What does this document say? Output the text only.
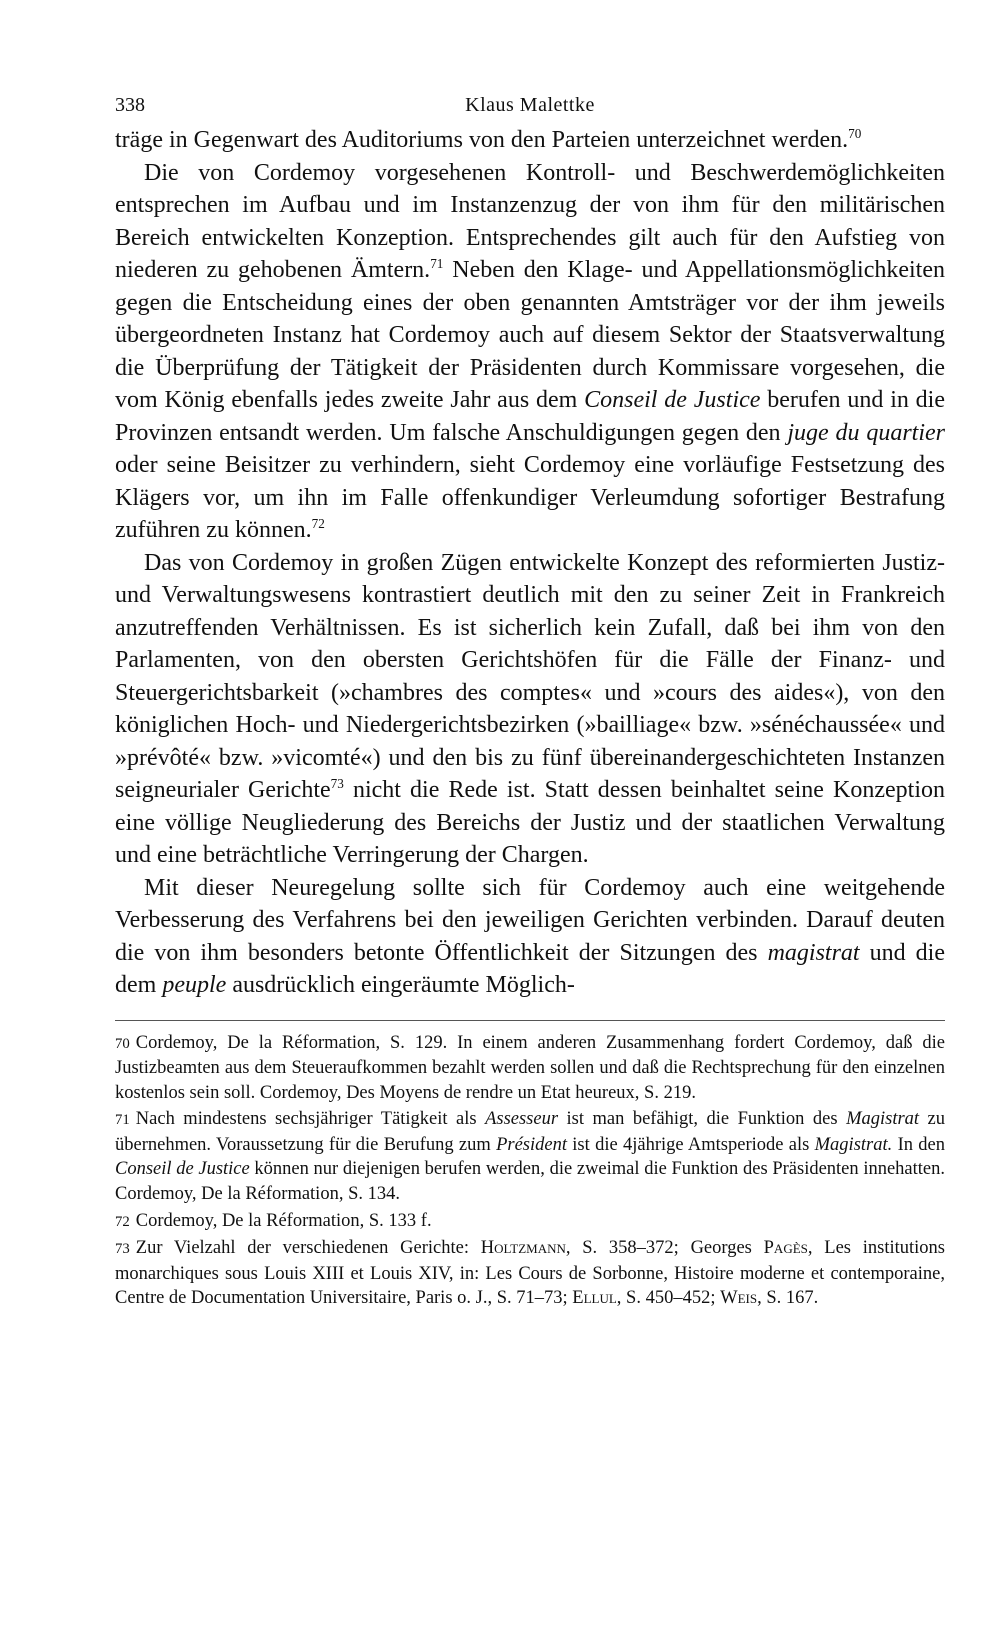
338	Klaus Malettke

träge in Gegenwart des Auditoriums von den Parteien unterzeichnet werden.$^{70}$

Die von Cordemoy vorgesehenen Kontroll- und Beschwerdemöglichkeiten entsprechen im Aufbau und im Instanzenzug der von ihm für den militärischen Bereich entwickelten Konzeption. Entsprechendes gilt auch für den Aufstieg von niederen zu gehobenen Ämtern.$^{71}$ Neben den Klage- und Appellationsmöglichkeiten gegen die Entscheidung eines der oben genannten Amtsträger vor der ihm jeweils übergeordneten Instanz hat Cordemoy auch auf diesem Sektor der Staatsverwaltung die Überprüfung der Tätigkeit der Präsidenten durch Kommissare vorgesehen, die vom König ebenfalls jedes zweite Jahr aus dem Conseil de Justice berufen und in die Provinzen entsandt werden. Um falsche Anschuldigungen gegen den juge du quartier oder seine Beisitzer zu verhindern, sieht Cordemoy eine vorläufige Festsetzung des Klägers vor, um ihn im Falle offenkundiger Verleumdung sofortiger Bestrafung zuführen zu können.$^{72}$

Das von Cordemoy in großen Zügen entwickelte Konzept des reformierten Justiz- und Verwaltungswesens kontrastiert deutlich mit den zu seiner Zeit in Frankreich anzutreffenden Verhältnissen. Es ist sicherlich kein Zufall, daß bei ihm von den Parlamenten, von den obersten Gerichtshöfen für die Fälle der Finanz- und Steuergerichtsbarkeit (»chambres des comptes« und »cours des aides«), von den königlichen Hoch- und Niedergerichtsbezirken (»bailliage« bzw. »sénéchaussée« und »prévôté« bzw. »vicomté«) und den bis zu fünf übereinandergeschichteten Instanzen seigneurialer Gerichte$^{73}$ nicht die Rede ist. Statt dessen beinhaltet seine Konzeption eine völlige Neugliederung des Bereichs der Justiz und der staatlichen Verwaltung und eine beträchtliche Verringerung der Chargen.

Mit dieser Neuregelung sollte sich für Cordemoy auch eine weitgehende Verbesserung des Verfahrens bei den jeweiligen Gerichten verbinden. Darauf deuten die von ihm besonders betonte Öffentlichkeit der Sitzungen des magistrat und die dem peuple ausdrücklich eingeräumte Möglich-

70 Cordemoy, De la Réformation, S. 129. In einem anderen Zusammenhang fordert Cordemoy, daß die Justizbeamten aus dem Steueraufkommen bezahlt werden sollen und daß die Rechtsprechung für den einzelnen kostenlos sein soll. Cordemoy, Des Moyens de rendre un Etat heureux, S. 219.

71 Nach mindestens sechsjähriger Tätigkeit als Assesseur ist man befähigt, die Funktion des Magistrat zu übernehmen. Voraussetzung für die Berufung zum Président ist die 4jährige Amtsperiode als Magistrat. In den Conseil de Justice können nur diejenigen berufen werden, die zweimal die Funktion des Präsidenten innehatten. Cordemoy, De la Réformation, S. 134.

72 Cordemoy, De la Réformation, S. 133 f.

73 Zur Vielzahl der verschiedenen Gerichte: Holtzmann, S. 358–372; Georges Pagès, Les institutions monarchiques sous Louis XIII et Louis XIV, in: Les Cours de Sorbonne, Histoire moderne et contemporaine, Centre de Documentation Universitaire, Paris o. J., S. 71–73; Ellul, S. 450–452; Weis, S. 167.
